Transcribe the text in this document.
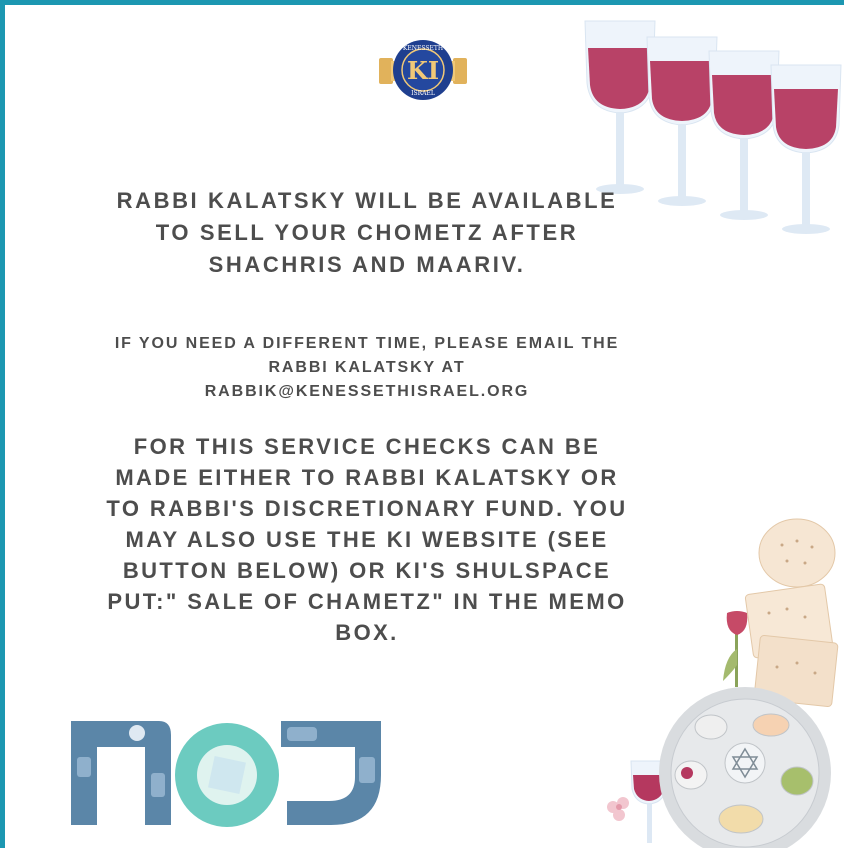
KENESSETH
KI
ISRAEL
RABBI KALATSKY WILL BE AVAILABLE TO SELL YOUR CHOMETZ AFTER SHACHRIS AND MAARIV.
IF YOU NEED A DIFFERENT TIME, PLEASE EMAIL THE RABBI KALATSKY AT
RABBIK@KENESSETHISRAEL.ORG
FOR THIS SERVICE CHECKS CAN BE MADE EITHER TO RABBI KALATSKY OR TO RABBI'S DISCRETIONARY FUND. YOU MAY ALSO USE THE KI WEBSITE (SEE BUTTON BELOW) OR KI'S SHULSPACE PUT:" SALE OF CHAMETZ" IN THE MEMO BOX.
